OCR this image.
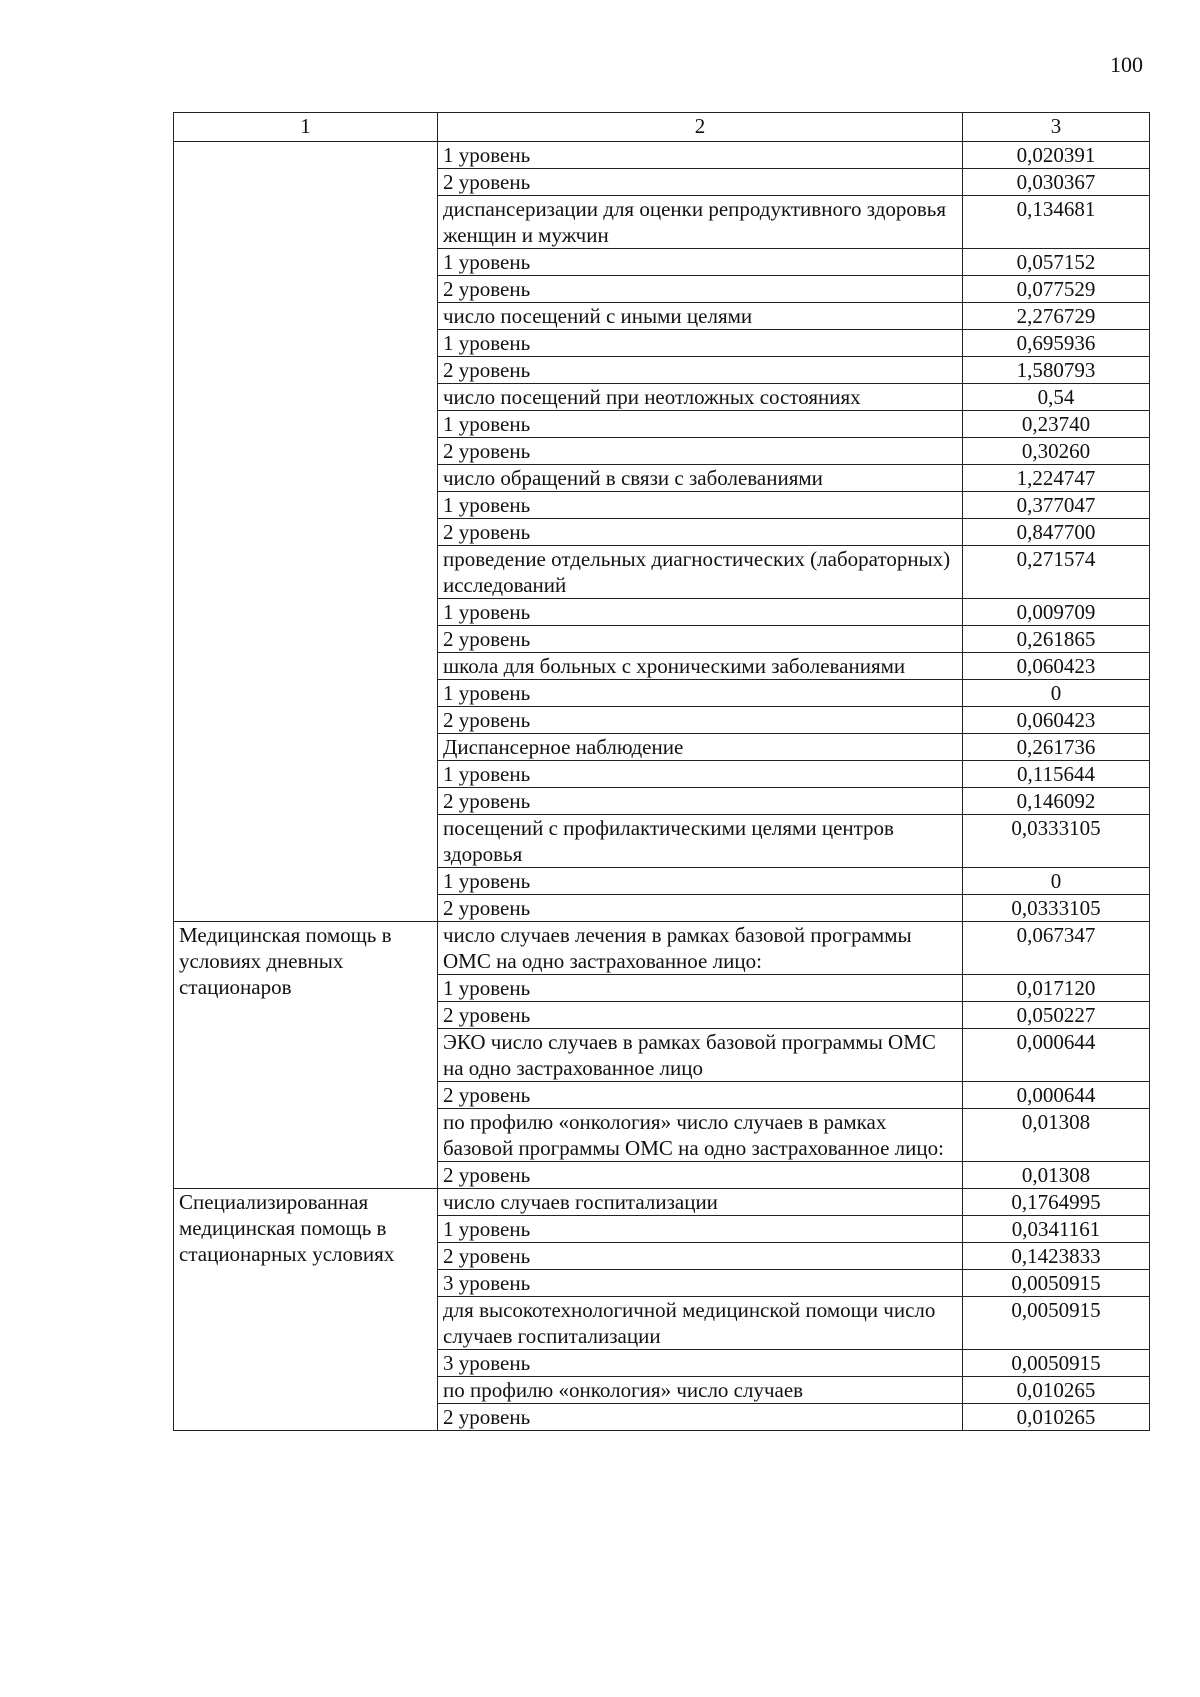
100
1	2	3
	1 уровень	0,020391
	2 уровень	0,030367
	диспансеризации для оценки репродуктивного здоровья женщин и мужчин	0,134681
	1 уровень	0,057152
	2 уровень	0,077529
	число посещений с иными целями	2,276729
	1 уровень	0,695936
	2 уровень	1,580793
	число посещений при неотложных состояниях	0,54
	1 уровень	0,23740
	2 уровень	0,30260
	число обращений в связи с заболеваниями	1,224747
	1 уровень	0,377047
	2 уровень	0,847700
	проведение отдельных диагностических (лабораторных) исследований	0,271574
	1 уровень	0,009709
	2 уровень	0,261865
	школа для больных с хроническими заболеваниями	0,060423
	1 уровень	0
	2 уровень	0,060423
	Диспансерное наблюдение	0,261736
	1 уровень	0,115644
	2 уровень	0,146092
	посещений с профилактическими целями центров здоровья	0,0333105
	1 уровень	0
	2 уровень	0,0333105
Медицинская помощь в условиях дневных стационаров	число случаев лечения в рамках базовой программы ОМС на одно застрахованное лицо:	0,067347
	1 уровень	0,017120
	2 уровень	0,050227
	ЭКО число случаев в рамках базовой программы ОМС на одно застрахованное лицо	0,000644
	2 уровень	0,000644
	по профилю «онкология» число случаев в рамках базовой программы ОМС на одно застрахованное лицо:	0,01308
	2 уровень	0,01308
Специализированная медицинская помощь в стационарных условиях	число случаев госпитализации	0,1764995
	1 уровень	0,0341161
	2 уровень	0,1423833
	3 уровень	0,0050915
	для высокотехнологичной медицинской помощи число случаев госпитализации	0,0050915
	3 уровень	0,0050915
	по профилю «онкология» число случаев	0,010265
	2 уровень	0,010265
